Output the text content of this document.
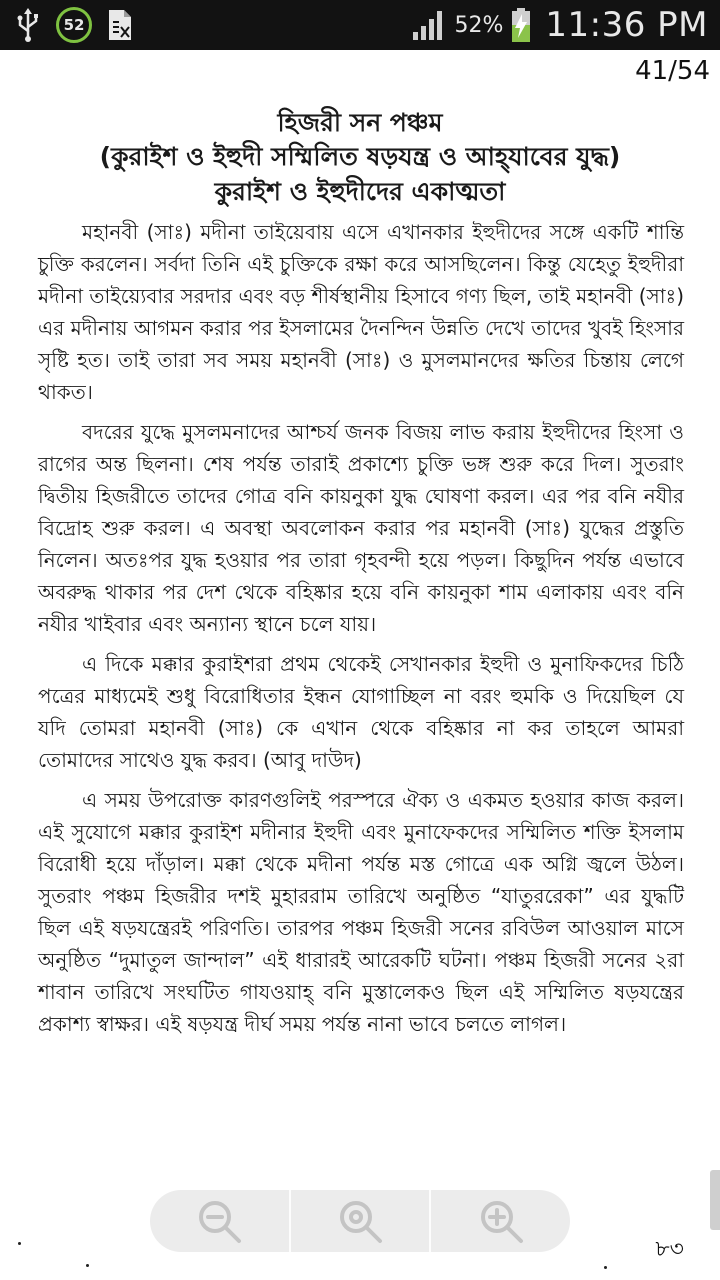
52	52% 11:36 PM
41/54
হিজরী সন পঞ্চম
(কুরাইশ ও ইহুদী সম্মিলিত ষড়যন্ত্র ও আহ্‌যাবের যুদ্ধ)
কুরাইশ ও ইহুদীদের একাত্মতা

মহানবী (সাঃ) মদীনা তাইয়েবায় এসে এখানকার ইহুদীদের সঙ্গে একটি শান্তি চুক্তি করলেন। সর্বদা তিনি এই চুক্তিকে রক্ষা করে আসছিলেন। কিন্তু যেহেতু ইহুদীরা মদীনা তাইয়্যেবার সরদার এবং বড় শীর্ষস্থানীয় হিসাবে গণ্য ছিল, তাই মহানবী (সাঃ) এর মদীনায় আগমন করার পর ইসলামের দৈনন্দিন উন্নতি দেখে তাদের খুবই হিংসার সৃষ্টি হত। তাই তারা সব সময় মহানবী (সাঃ) ও মুসলমানদের ক্ষতির চিন্তায় লেগে থাকত।

বদরের যুদ্ধে মুসলমনাদের আশ্চর্য জনক বিজয় লাভ করায় ইহুদীদের হিংসা ও রাগের অন্ত ছিলনা। শেষ পর্যন্ত তারাই প্রকাশ্যে চুক্তি ভঙ্গ শুরু করে দিল। সুতরাং দ্বিতীয় হিজরীতে তাদের গোত্র বনি কায়নুকা যুদ্ধ ঘোষণা করল। এর পর বনি নযীর বিদ্রোহ শুরু করল। এ অবস্থা অবলোকন করার পর মহানবী (সাঃ) যুদ্ধের প্রস্তুতি নিলেন। অতঃপর যুদ্ধ হওয়ার পর তারা গৃহবন্দী হয়ে পড়ল। কিছুদিন পর্যন্ত এভাবে অবরুদ্ধ থাকার পর দেশ থেকে বহিষ্কার হয়ে বনি কায়নুকা শাম এলাকায় এবং বনি নযীর খাইবার এবং অন্যান্য স্থানে চলে যায়।

এ দিকে মক্কার কুরাইশরা প্রথম থেকেই সেখানকার ইহুদী ও মুনাফিকদের চিঠি পত্রের মাধ্যমেই শুধু বিরোধিতার ইন্ধন যোগাচ্ছিল না বরং হুমকি ও দিয়েছিল যে যদি তোমরা মহানবী (সাঃ) কে এখান থেকে বহিষ্কার না কর তাহলে আমরা তোমাদের সাথেও যুদ্ধ করব। (আবু দাউদ)

এ সময় উপরোক্ত কারণগুলিই পরস্পরে ঐক্য ও একমত হওয়ার কাজ করল। এই সুযোগে মক্কার কুরাইশ মদীনার ইহুদী এবং মুনাফেকদের সম্মিলিত শক্তি ইসলাম বিরোধী হয়ে দাঁড়াল। মক্কা থেকে মদীনা পর্যন্ত মস্ত গোত্রে এক অগ্নি জ্বলে উঠল। সুতরাং পঞ্চম হিজরীর দশই মুহাররাম তারিখে অনুষ্ঠিত “যাতুররেকা” এর যুদ্ধটি ছিল এই ষড়যন্ত্রেরই পরিণতি। তারপর পঞ্চম হিজরী সনের রবিউল আওয়াল মাসে অনুষ্ঠিত “দুমাতুল জান্দাল” এই ধারারই আরেকটি ঘটনা। পঞ্চম হিজরী সনের ২রা শাবান তারিখে সংঘটিত গাযওয়াহ্‌ বনি মুস্তালেকও ছিল এই সম্মিলিত ষড়যন্ত্রের প্রকাশ্য স্বাক্ষর। এই ষড়যন্ত্র দীর্ঘ সময় পর্যন্ত নানা ভাবে চলতে লাগল।

৮৩
